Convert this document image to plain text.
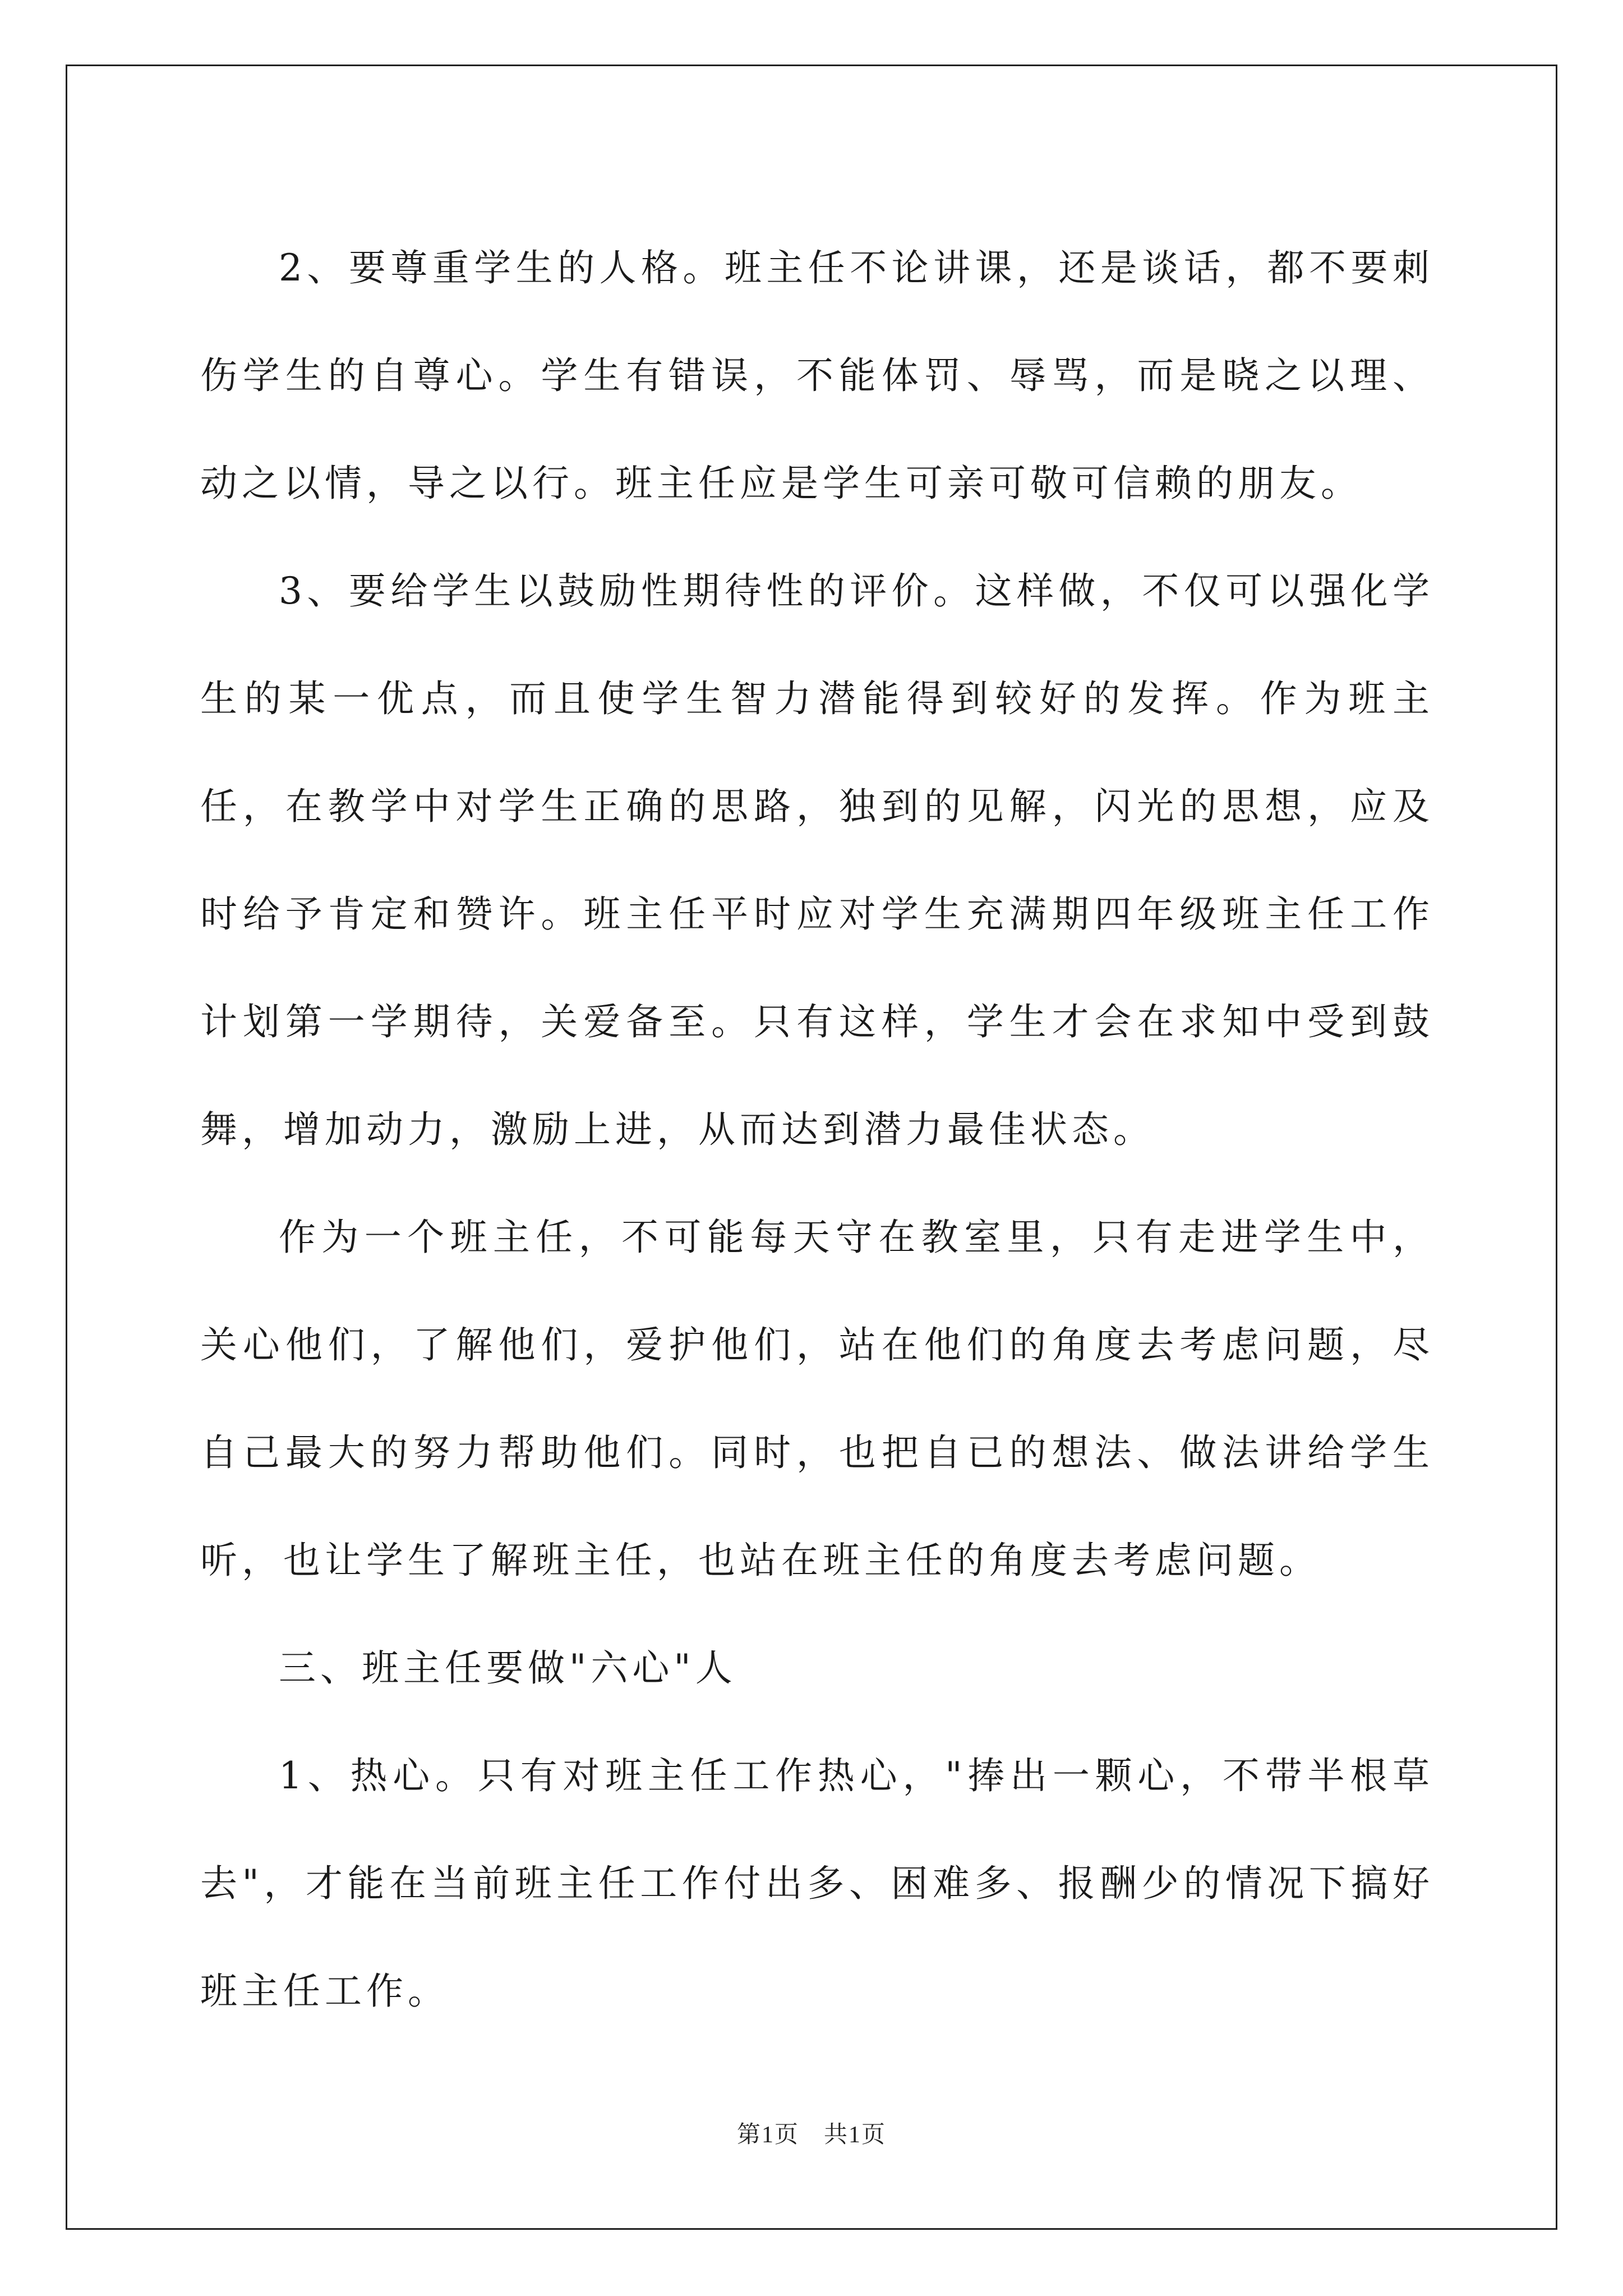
2、要尊重学生的人格。班主任不论讲课，还是谈话，都不要刺伤学生的自尊心。学生有错误，不能体罚、辱骂，而是晓之以理、动之以情，导之以行。班主任应是学生可亲可敬可信赖的朋友。

3、要给学生以鼓励性期待性的评价。这样做，不仅可以强化学生的某一优点，而且使学生智力潜能得到较好的发挥。作为班主任，在教学中对学生正确的思路，独到的见解，闪光的思想，应及时给予肯定和赞许。班主任平时应对学生充满期四年级班主任工作计划第一学期待，关爱备至。只有这样，学生才会在求知中受到鼓舞，增加动力，激励上进，从而达到潜力最佳状态。

作为一个班主任，不可能每天守在教室里，只有走进学生中，关心他们，了解他们，爱护他们，站在他们的角度去考虑问题，尽自己最大的努力帮助他们。同时，也把自已的想法、做法讲给学生听，也让学生了解班主任，也站在班主任的角度去考虑问题。

三、班主任要做"六心"人

1、热心。只有对班主任工作热心，"捧出一颗心，不带半根草去"，才能在当前班主任工作付出多、困难多、报酬少的情况下搞好班主任工作。

第1页　共1页
